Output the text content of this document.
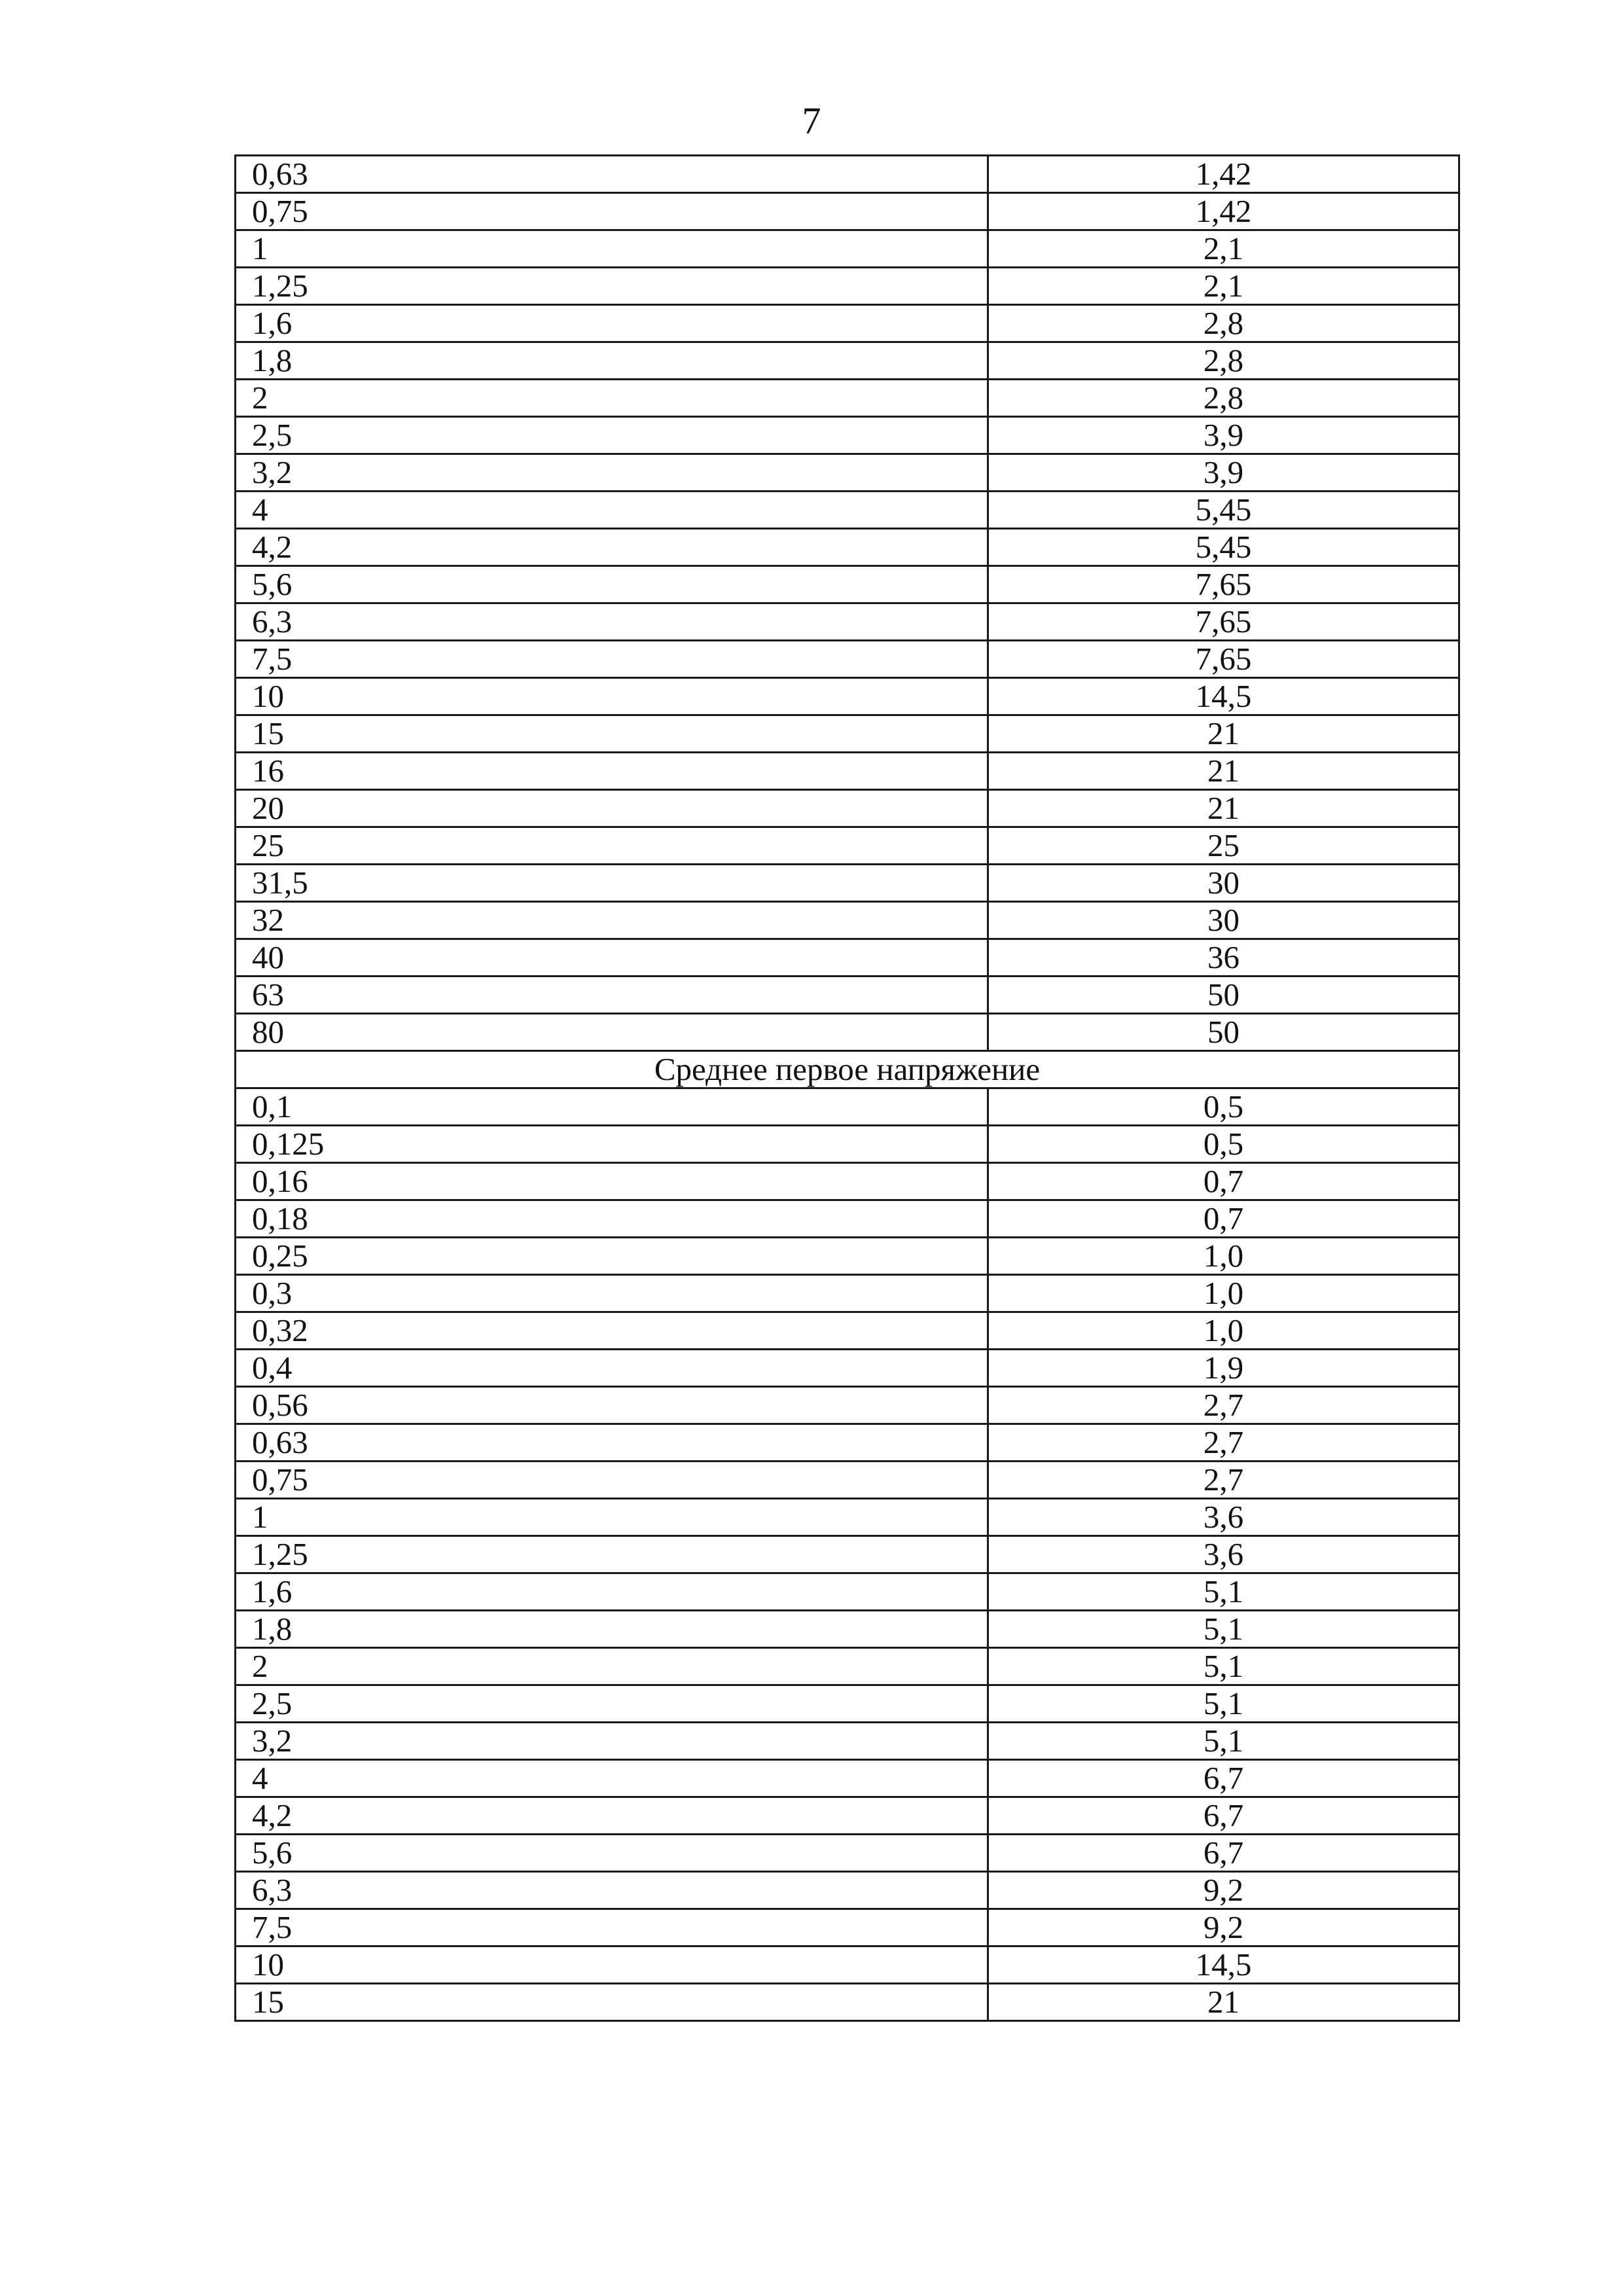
7
0,63	1,42
0,75	1,42
1	2,1
1,25	2,1
1,6	2,8
1,8	2,8
2	2,8
2,5	3,9
3,2	3,9
4	5,45
4,2	5,45
5,6	7,65
6,3	7,65
7,5	7,65
10	14,5
15	21
16	21
20	21
25	25
31,5	30
32	30
40	36
63	50
80	50
Среднее первое напряжение	
0,1	0,5
0,125	0,5
0,16	0,7
0,18	0,7
0,25	1,0
0,3	1,0
0,32	1,0
0,4	1,9
0,56	2,7
0,63	2,7
0,75	2,7
1	3,6
1,25	3,6
1,6	5,1
1,8	5,1
2	5,1
2,5	5,1
3,2	5,1
4	6,7
4,2	6,7
5,6	6,7
6,3	9,2
7,5	9,2
10	14,5
15	21
